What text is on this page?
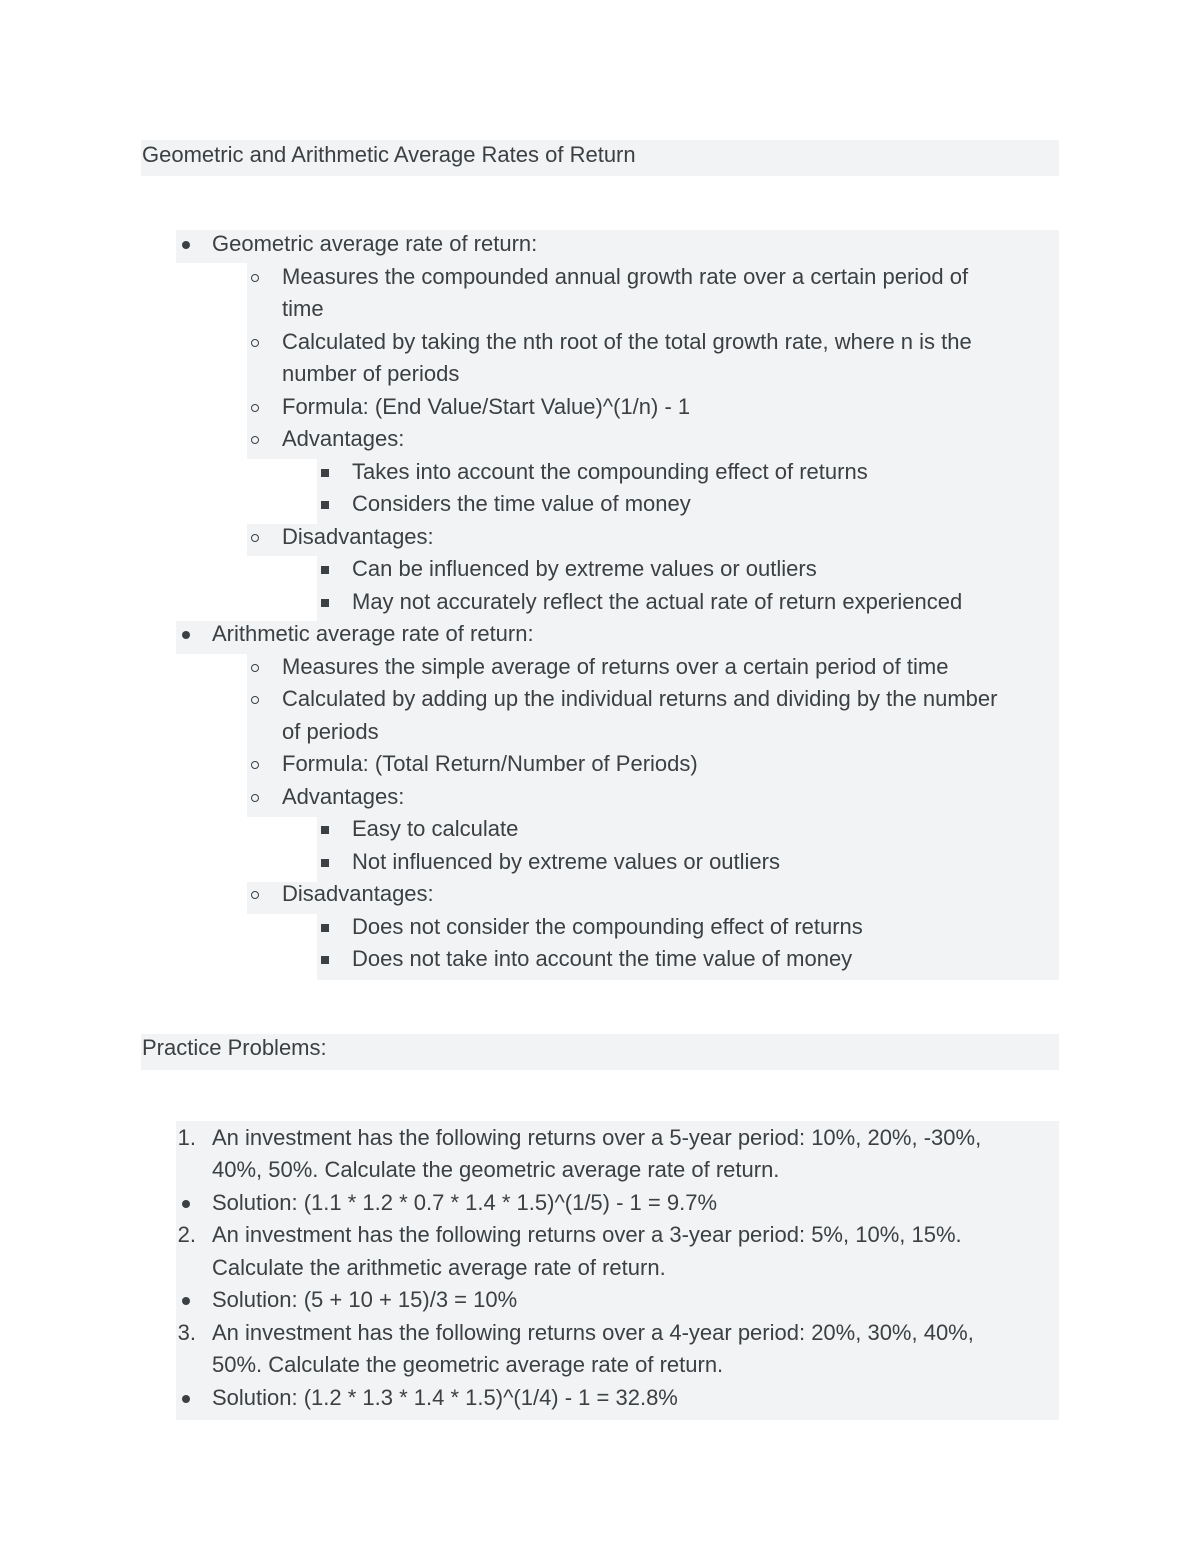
Geometric and Arithmetic Average Rates of Return
Geometric average rate of return:
Measures the compounded annual growth rate over a certain period of
time
Calculated by taking the nth root of the total growth rate, where n is the
number of periods
Formula: (End Value/Start Value)^(1/n) - 1
Advantages:
Takes into account the compounding effect of returns
Considers the time value of money
Disadvantages:
Can be influenced by extreme values or outliers
May not accurately reflect the actual rate of return experienced
Arithmetic average rate of return:
Measures the simple average of returns over a certain period of time
Calculated by adding up the individual returns and dividing by the number
of periods
Formula: (Total Return/Number of Periods)
Advantages:
Easy to calculate
Not influenced by extreme values or outliers
Disadvantages:
Does not consider the compounding effect of returns
Does not take into account the time value of money
Practice Problems:
1. An investment has the following returns over a 5-year period: 10%, 20%, -30%,
40%, 50%. Calculate the geometric average rate of return.
Solution: (1.1 * 1.2 * 0.7 * 1.4 * 1.5)^(1/5) - 1 = 9.7%
2. An investment has the following returns over a 3-year period: 5%, 10%, 15%.
Calculate the arithmetic average rate of return.
Solution: (5 + 10 + 15)/3 = 10%
3. An investment has the following returns over a 4-year period: 20%, 30%, 40%,
50%. Calculate the geometric average rate of return.
Solution: (1.2 * 1.3 * 1.4 * 1.5)^(1/4) - 1 = 32.8%
